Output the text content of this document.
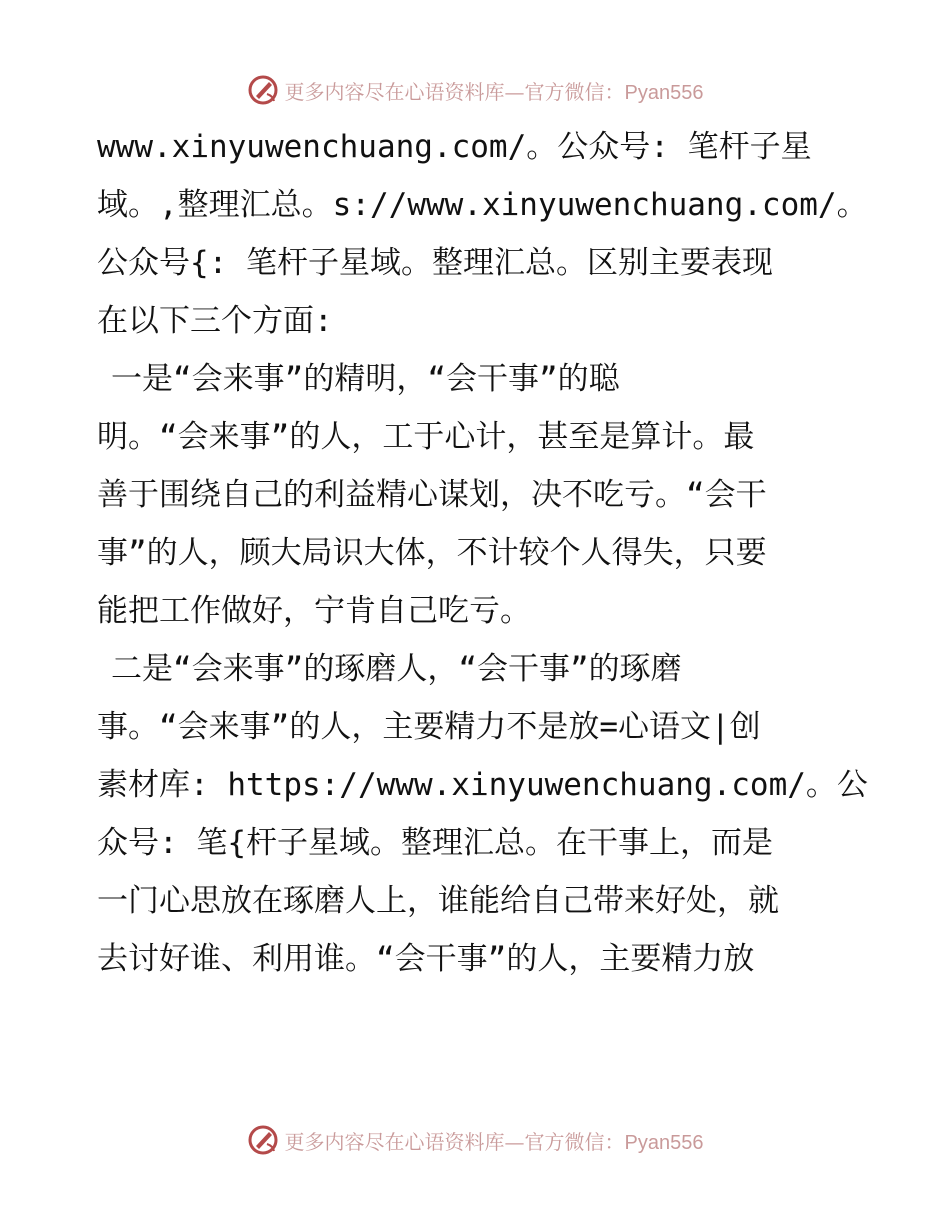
更多内容尽在心语资料库—官方微信：Pyan556
www.xinyuwenchuang.com/。公众号: 笔杆子星
域。,整理汇总。s://www.xinyuwenchuang.com/。
公众号{: 笔杆子星域。整理汇总。区别主要表现
在以下三个方面:
一是“会来事”的精明，“会干事”的聪
明。“会来事”的人，工于心计，甚至是算计。最
善于围绕自己的利益精心谋划，决不吃亏。“会干
事”的人，顾大局识大体，不计较个人得失，只要
能把工作做好，宁肯自己吃亏。
二是“会来事”的琢磨人，“会干事”的琢磨
事。“会来事”的人，主要精力不是放=心语文|创
素材库: https://www.xinyuwenchuang.com/。公
众号: 笔{杆子星域。整理汇总。在干事上，而是
一门心思放在琢磨人上，谁能给自己带来好处，就
去讨好谁、利用谁。“会干事”的人，主要精力放
更多内容尽在心语资料库—官方微信：Pyan556
